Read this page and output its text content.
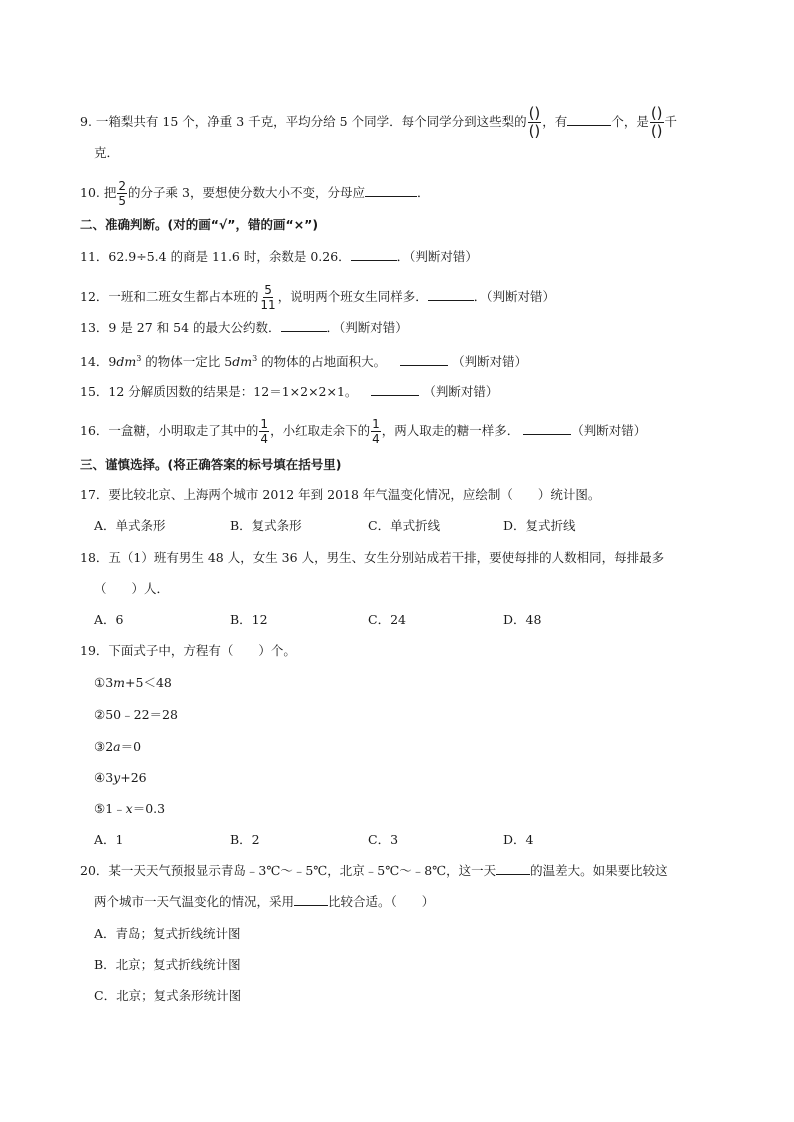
9. 一箱梨共有 15 个，净重 3 千克，平均分给 5 个同学．每个同学分到这些梨的 $\frac{()}{()}$ ，有	个，是 $\frac{()}{()}$ 千
克．
10. 把 $\frac{2}{5}$ 的分子乘 3，要想使分数大小不变，分母应	．
二、准确判断。(对的画“√”，错的画“×”)
11．62.9÷5.4 的商是 11.6 时，余数是 0.26．	．（判断对错）
12．一班和二班女生都占本班的 $\frac{5}{11}$ ，说明两个班女生同样多．	．（判断对错）
13．9 是 27 和 54 的最大公约数．	．（判断对错）
14．$9dm^3$ 的物体一定比 $5dm^3$ 的物体的占地面积大。	（判断对错）
15．12 分解质因数的结果是：12＝1×2×2×1。	（判断对错）
16．一盒糖，小明取走了其中的 $\frac{1}{4}$ ，小红取走余下的 $\frac{1}{4}$ ，两人取走的糖一样多．	（判断对错）
三、谨慎选择。(将正确答案的标号填在括号里)
17．要比较北京、上海两个城市 2012 年到 2018 年气温变化情况，应绘制（　　）统计图。
A．单式条形	B．复式条形	C．单式折线	D．复式折线
18．五（1）班有男生 48 人，女生 36 人，男生、女生分别站成若干排，要使每排的人数相同，每排最多
（　　）人．
A．6	B．12	C．24	D．48
19．下面式子中，方程有（　　）个。
①3m+5＜48
②50﹣22＝28
③2a＝0
④3y+26
⑤1﹣x＝0.3
A．1	B．2	C．3	D．4
20．某一天天气预报显示青岛﹣3℃～﹣5℃，北京﹣5℃～﹣8℃，这一天	的温差大。如果要比较这
两个城市一天气温变化的情况，采用	比较合适。（　　）
A．青岛；复式折线统计图
B．北京；复式折线统计图
C．北京；复式条形统计图
